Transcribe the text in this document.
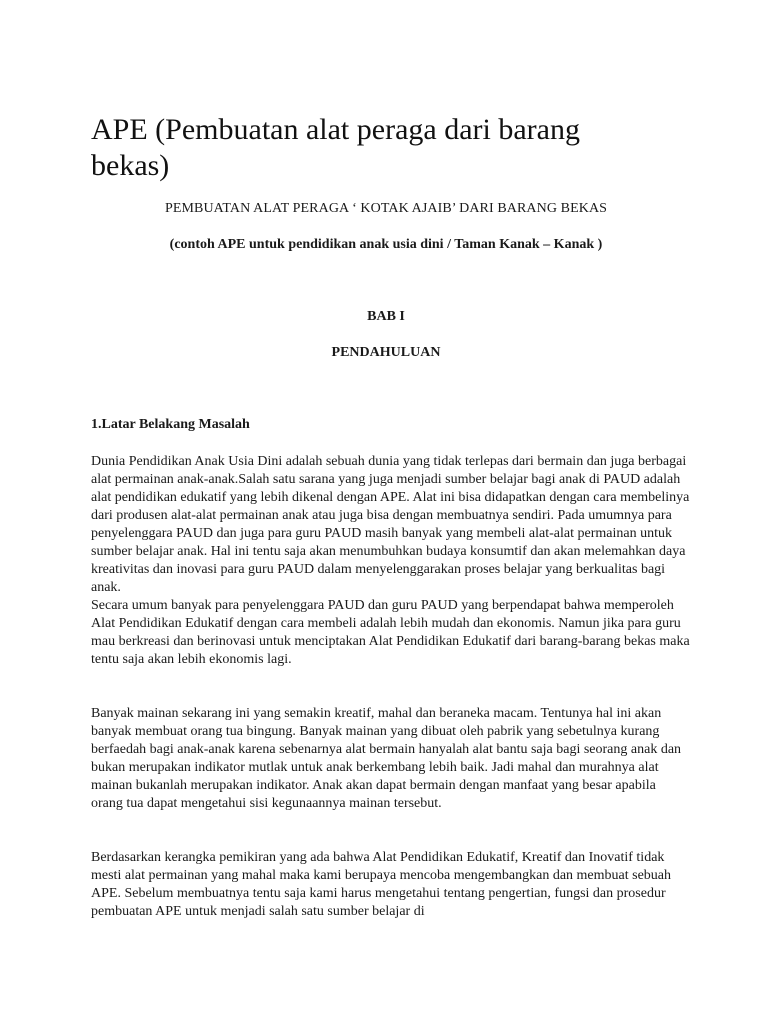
APE (Pembuatan alat peraga dari barang bekas)

PEMBUATAN ALAT PERAGA ‘ KOTAK AJAIB’ DARI BARANG BEKAS

(contoh APE untuk pendidikan anak usia dini / Taman Kanak – Kanak )

BAB I

PENDAHULUAN

1.Latar Belakang Masalah

Dunia Pendidikan Anak Usia Dini adalah sebuah dunia yang tidak terlepas dari bermain dan juga berbagai alat permainan anak-anak.Salah satu sarana yang juga menjadi sumber belajar bagi anak di PAUD adalah alat pendidikan edukatif yang lebih dikenal dengan APE. Alat ini bisa didapatkan dengan cara membelinya dari produsen alat-alat permainan anak atau juga bisa dengan membuatnya sendiri. Pada umumnya para penyelenggara PAUD dan juga para guru PAUD masih banyak yang membeli alat-alat permainan untuk sumber belajar anak. Hal ini tentu saja akan menumbuhkan budaya konsumtif dan akan melemahkan daya kreativitas dan inovasi para guru PAUD dalam menyelenggarakan proses belajar yang berkualitas bagi anak.

Secara umum banyak para penyelenggara PAUD dan guru PAUD yang berpendapat bahwa memperoleh Alat Pendidikan Edukatif dengan cara membeli adalah lebih mudah dan ekonomis. Namun jika para guru mau berkreasi dan berinovasi untuk menciptakan Alat Pendidikan Edukatif dari barang-barang bekas maka tentu saja akan lebih ekonomis lagi.

Banyak mainan sekarang ini yang semakin kreatif, mahal dan beraneka macam. Tentunya hal ini akan banyak membuat orang tua bingung. Banyak mainan yang dibuat oleh pabrik yang sebetulnya kurang berfaedah bagi anak-anak karena sebenarnya alat bermain hanyalah alat bantu saja bagi seorang anak dan bukan merupakan indikator mutlak untuk anak berkembang lebih baik. Jadi mahal dan murahnya alat mainan bukanlah merupakan indikator. Anak akan dapat bermain dengan manfaat yang besar apabila orang tua dapat mengetahui sisi kegunaannya mainan tersebut.

Berdasarkan kerangka pemikiran yang ada bahwa Alat Pendidikan Edukatif, Kreatif dan Inovatif tidak mesti alat permainan yang mahal maka kami berupaya mencoba mengembangkan dan membuat sebuah APE. Sebelum membuatnya tentu saja kami harus mengetahui tentang pengertian, fungsi dan prosedur pembuatan APE untuk menjadi salah satu sumber belajar di
